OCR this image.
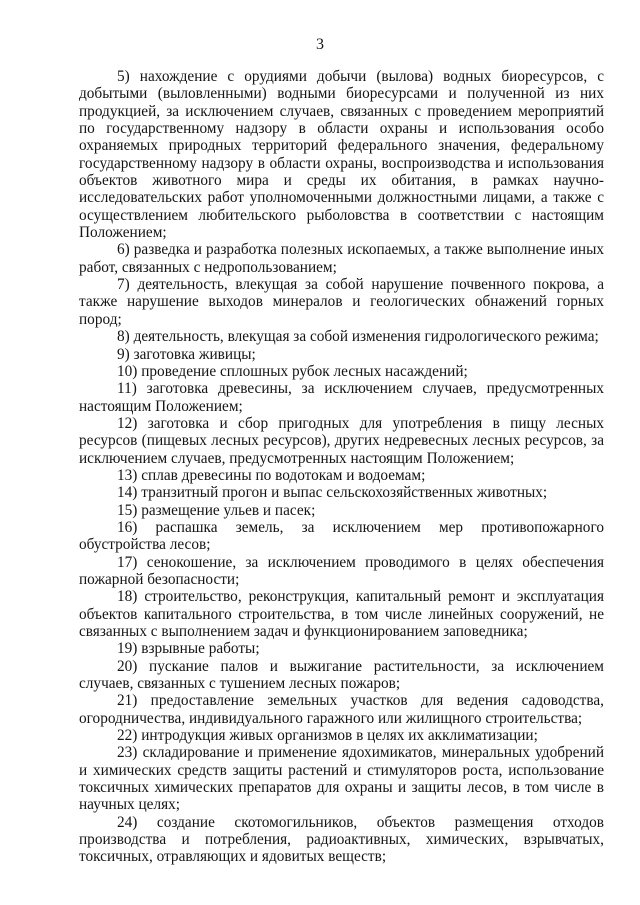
3

5) нахождение с орудиями добычи (вылова) водных биоресурсов, с добытыми (выловленными) водными биоресурсами и полученной из них продукцией, за исключением случаев, связанных с проведением мероприятий по государственному надзору в области охраны и использования особо охраняемых природных территорий федерального значения, федеральному государственному надзору в области охраны, воспроизводства и использования объектов животного мира и среды их обитания, в рамках научно-исследовательских работ уполномоченными должностными лицами, а также с осуществлением любительского рыболовства в соответствии с настоящим Положением;

6) разведка и разработка полезных ископаемых, а также выполнение иных работ, связанных с недропользованием;

7) деятельность, влекущая за собой нарушение почвенного покрова, а также нарушение выходов минералов и геологических обнажений горных пород;

8) деятельность, влекущая за собой изменения гидрологического режима;

9) заготовка живицы;

10) проведение сплошных рубок лесных насаждений;

11) заготовка древесины, за исключением случаев, предусмотренных настоящим Положением;

12) заготовка и сбор пригодных для употребления в пищу лесных ресурсов (пищевых лесных ресурсов), других недревесных лесных ресурсов, за исключением случаев, предусмотренных настоящим Положением;

13) сплав древесины по водотокам и водоемам;

14) транзитный прогон и выпас сельскохозяйственных животных;

15) размещение ульев и пасек;

16) распашка земель, за исключением мер противопожарного обустройства лесов;

17) сенокошение, за исключением проводимого в целях обеспечения пожарной безопасности;

18) строительство, реконструкция, капитальный ремонт и эксплуатация объектов капитального строительства, в том числе линейных сооружений, не связанных с выполнением задач и функционированием заповедника;

19) взрывные работы;

20) пускание палов и выжигание растительности, за исключением случаев, связанных с тушением лесных пожаров;

21) предоставление земельных участков для ведения садоводства, огородничества, индивидуального гаражного или жилищного строительства;

22) интродукция живых организмов в целях их акклиматизации;

23) складирование и применение ядохимикатов, минеральных удобрений и химических средств защиты растений и стимуляторов роста, использование токсичных химических препаратов для охраны и защиты лесов, в том числе в научных целях;

24) создание скотомогильников, объектов размещения отходов производства и потребления, радиоактивных, химических, взрывчатых, токсичных, отравляющих и ядовитых веществ;
